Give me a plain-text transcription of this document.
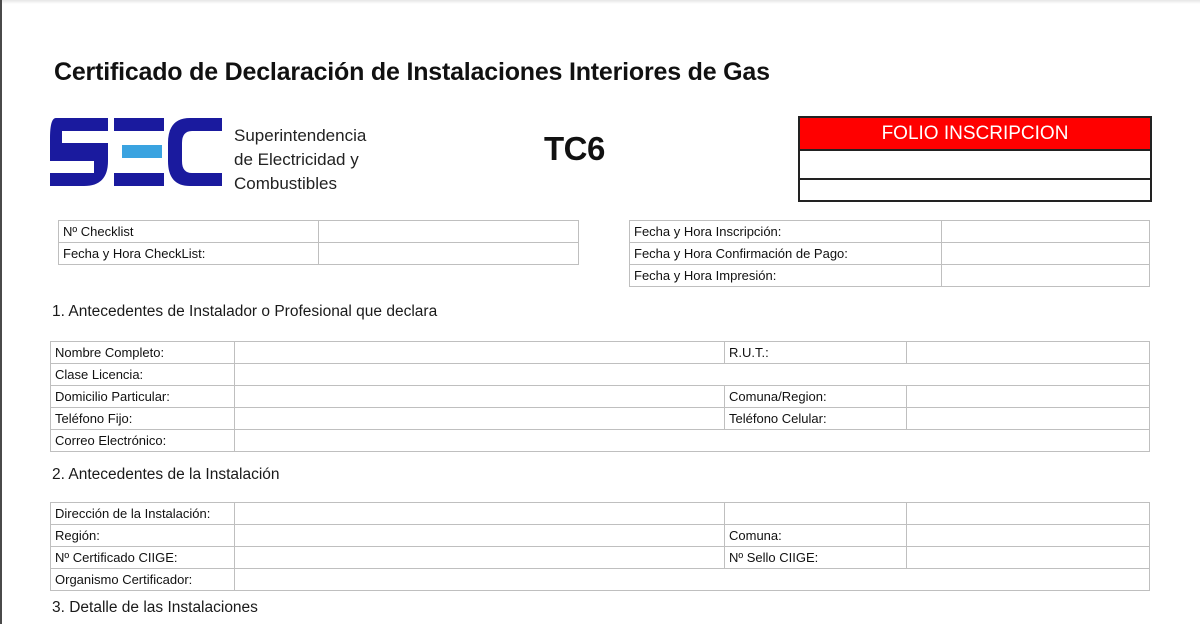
Certificado de Declaración de Instalaciones Interiores de Gas
Superintendencia
de Electricidad y
Combustibles
TC6	FOLIO INSCRIPCION
Nº Checklist	
Fecha y Hora CheckList:	
Fecha y Hora Inscripción:	
Fecha y Hora Confirmación de Pago:	
Fecha y Hora Impresión:	
1. Antecedentes de Instalador o Profesional que declara
Nombre Completo:		R.U.T.:	
Clase Licencia:			
Domicilio Particular:		Comuna/Region:	
Teléfono Fijo:		Teléfono Celular:	
Correo Electrónico:			
2. Antecedentes de la Instalación
Dirección de la Instalación:			
Región:		Comuna:	
Nº Certificado CIIGE:		Nº Sello CIIGE:	
Organismo Certificador:			
3. Detalle de las Instalaciones
